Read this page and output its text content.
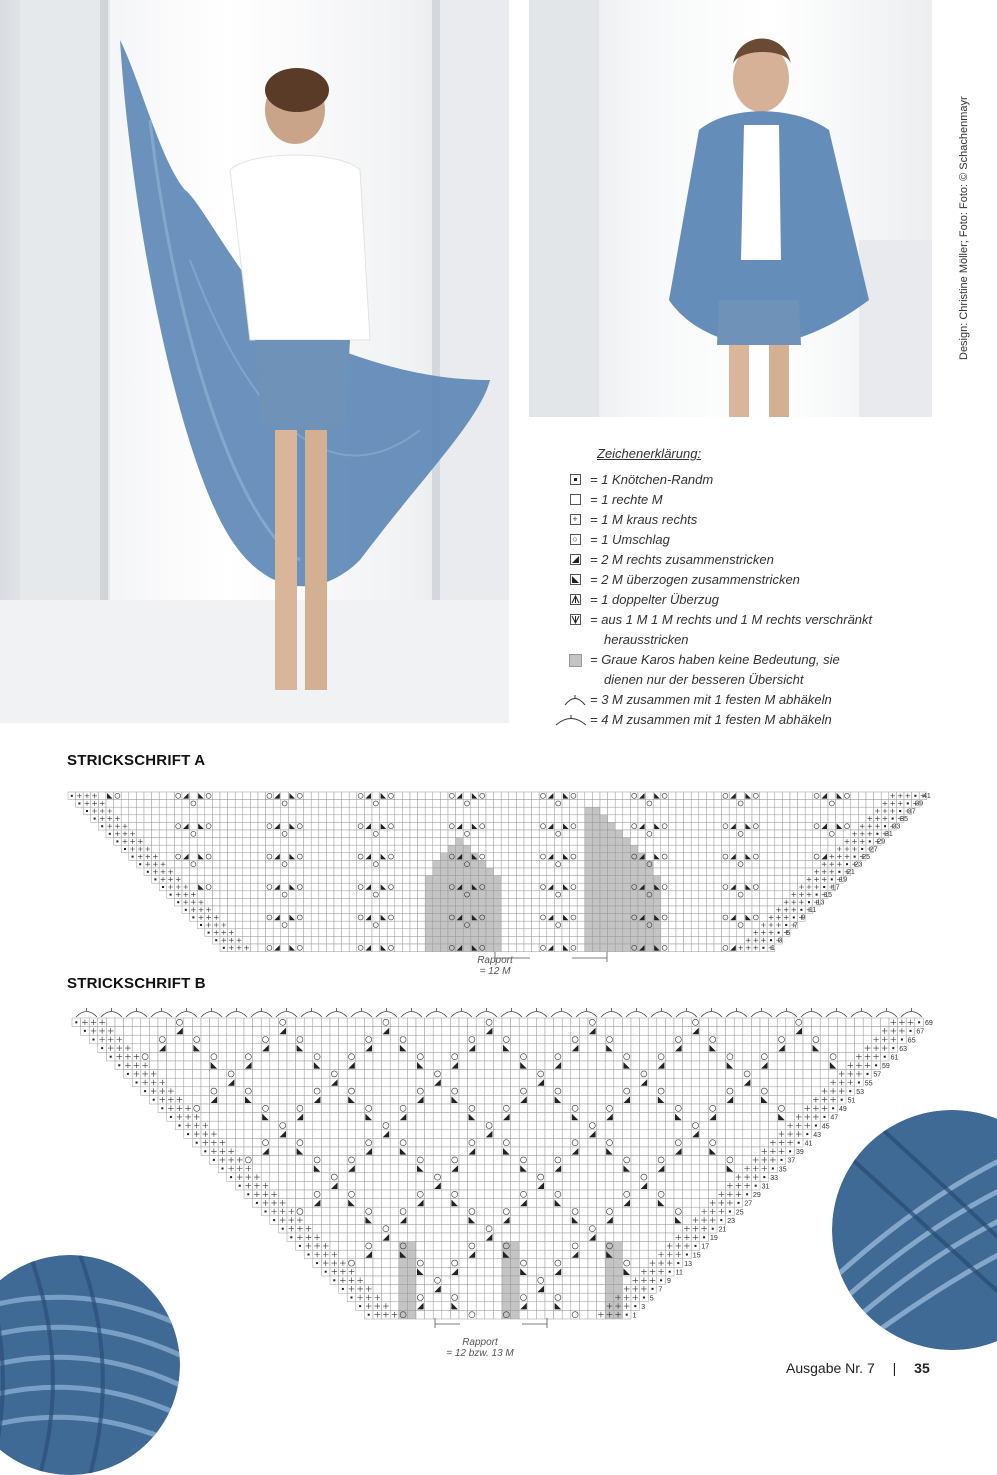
Design: Christine Möller; Foto: Foto: © Schachenmayr
Zeichenerklärung:
= 1 Knötchen-Randm
= 1 rechte M
+ = 1 M kraus rechts
○ = 1 Umschlag
= 2 M rechts zusammenstricken
= 2 M überzogen zusammenstricken
= 1 doppelter Überzug
= aus 1 M 1 M rechts und 1 M rechts verschränkt
herausstricken
= Graue Karos haben keine Bedeutung, sie
dienen nur der besseren Übersicht
= 3 M zusammen mit 1 festen M abhäkeln
= 4 M zusammen mit 1 festen M abhäkeln
STRICKSCHRIFT A
41
39
37
35
33
31
29
27
25
23
21
19
17
15
13
11
9
7
5
3
1
Rapport
= 12 M
STRICKSCHRIFT B
69
67
65
63
61
59
57
55
53
51
49
47
45
43
41
39
37
35
33
31
29
27
25
23
21
19
17
15
13
11
9
7
5
3
1
Rapport
= 12 bzw. 13 M
Ausgabe Nr. 7 | 35
